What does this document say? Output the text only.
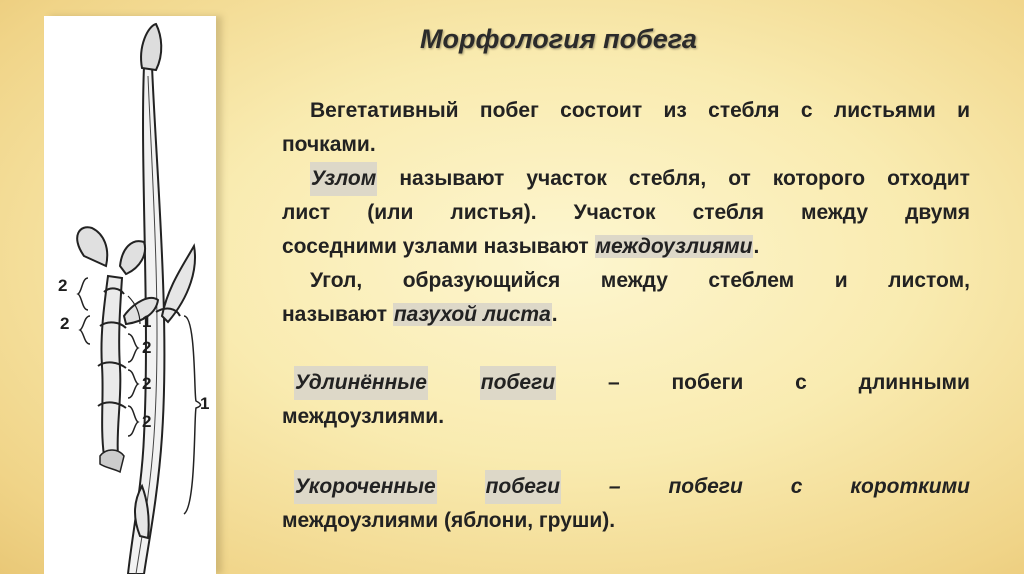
2
2
2
2
2
1
1
Морфология побега
Вегетативный побег состоит из стебля с листьями и
почками.
Узлом называют участок стебля, от которого отходит
лист (или листья). Участок стебля между двумя
соседними узлами называют междоузлиями.
Угол, образующийся между стеблем и листом,
называют пазухой листа.
Удлинённые	побеги	– побеги с длинными
междоузлиями.
Укороченные побеги – побеги с короткими
междоузлиями (яблони, груши).
